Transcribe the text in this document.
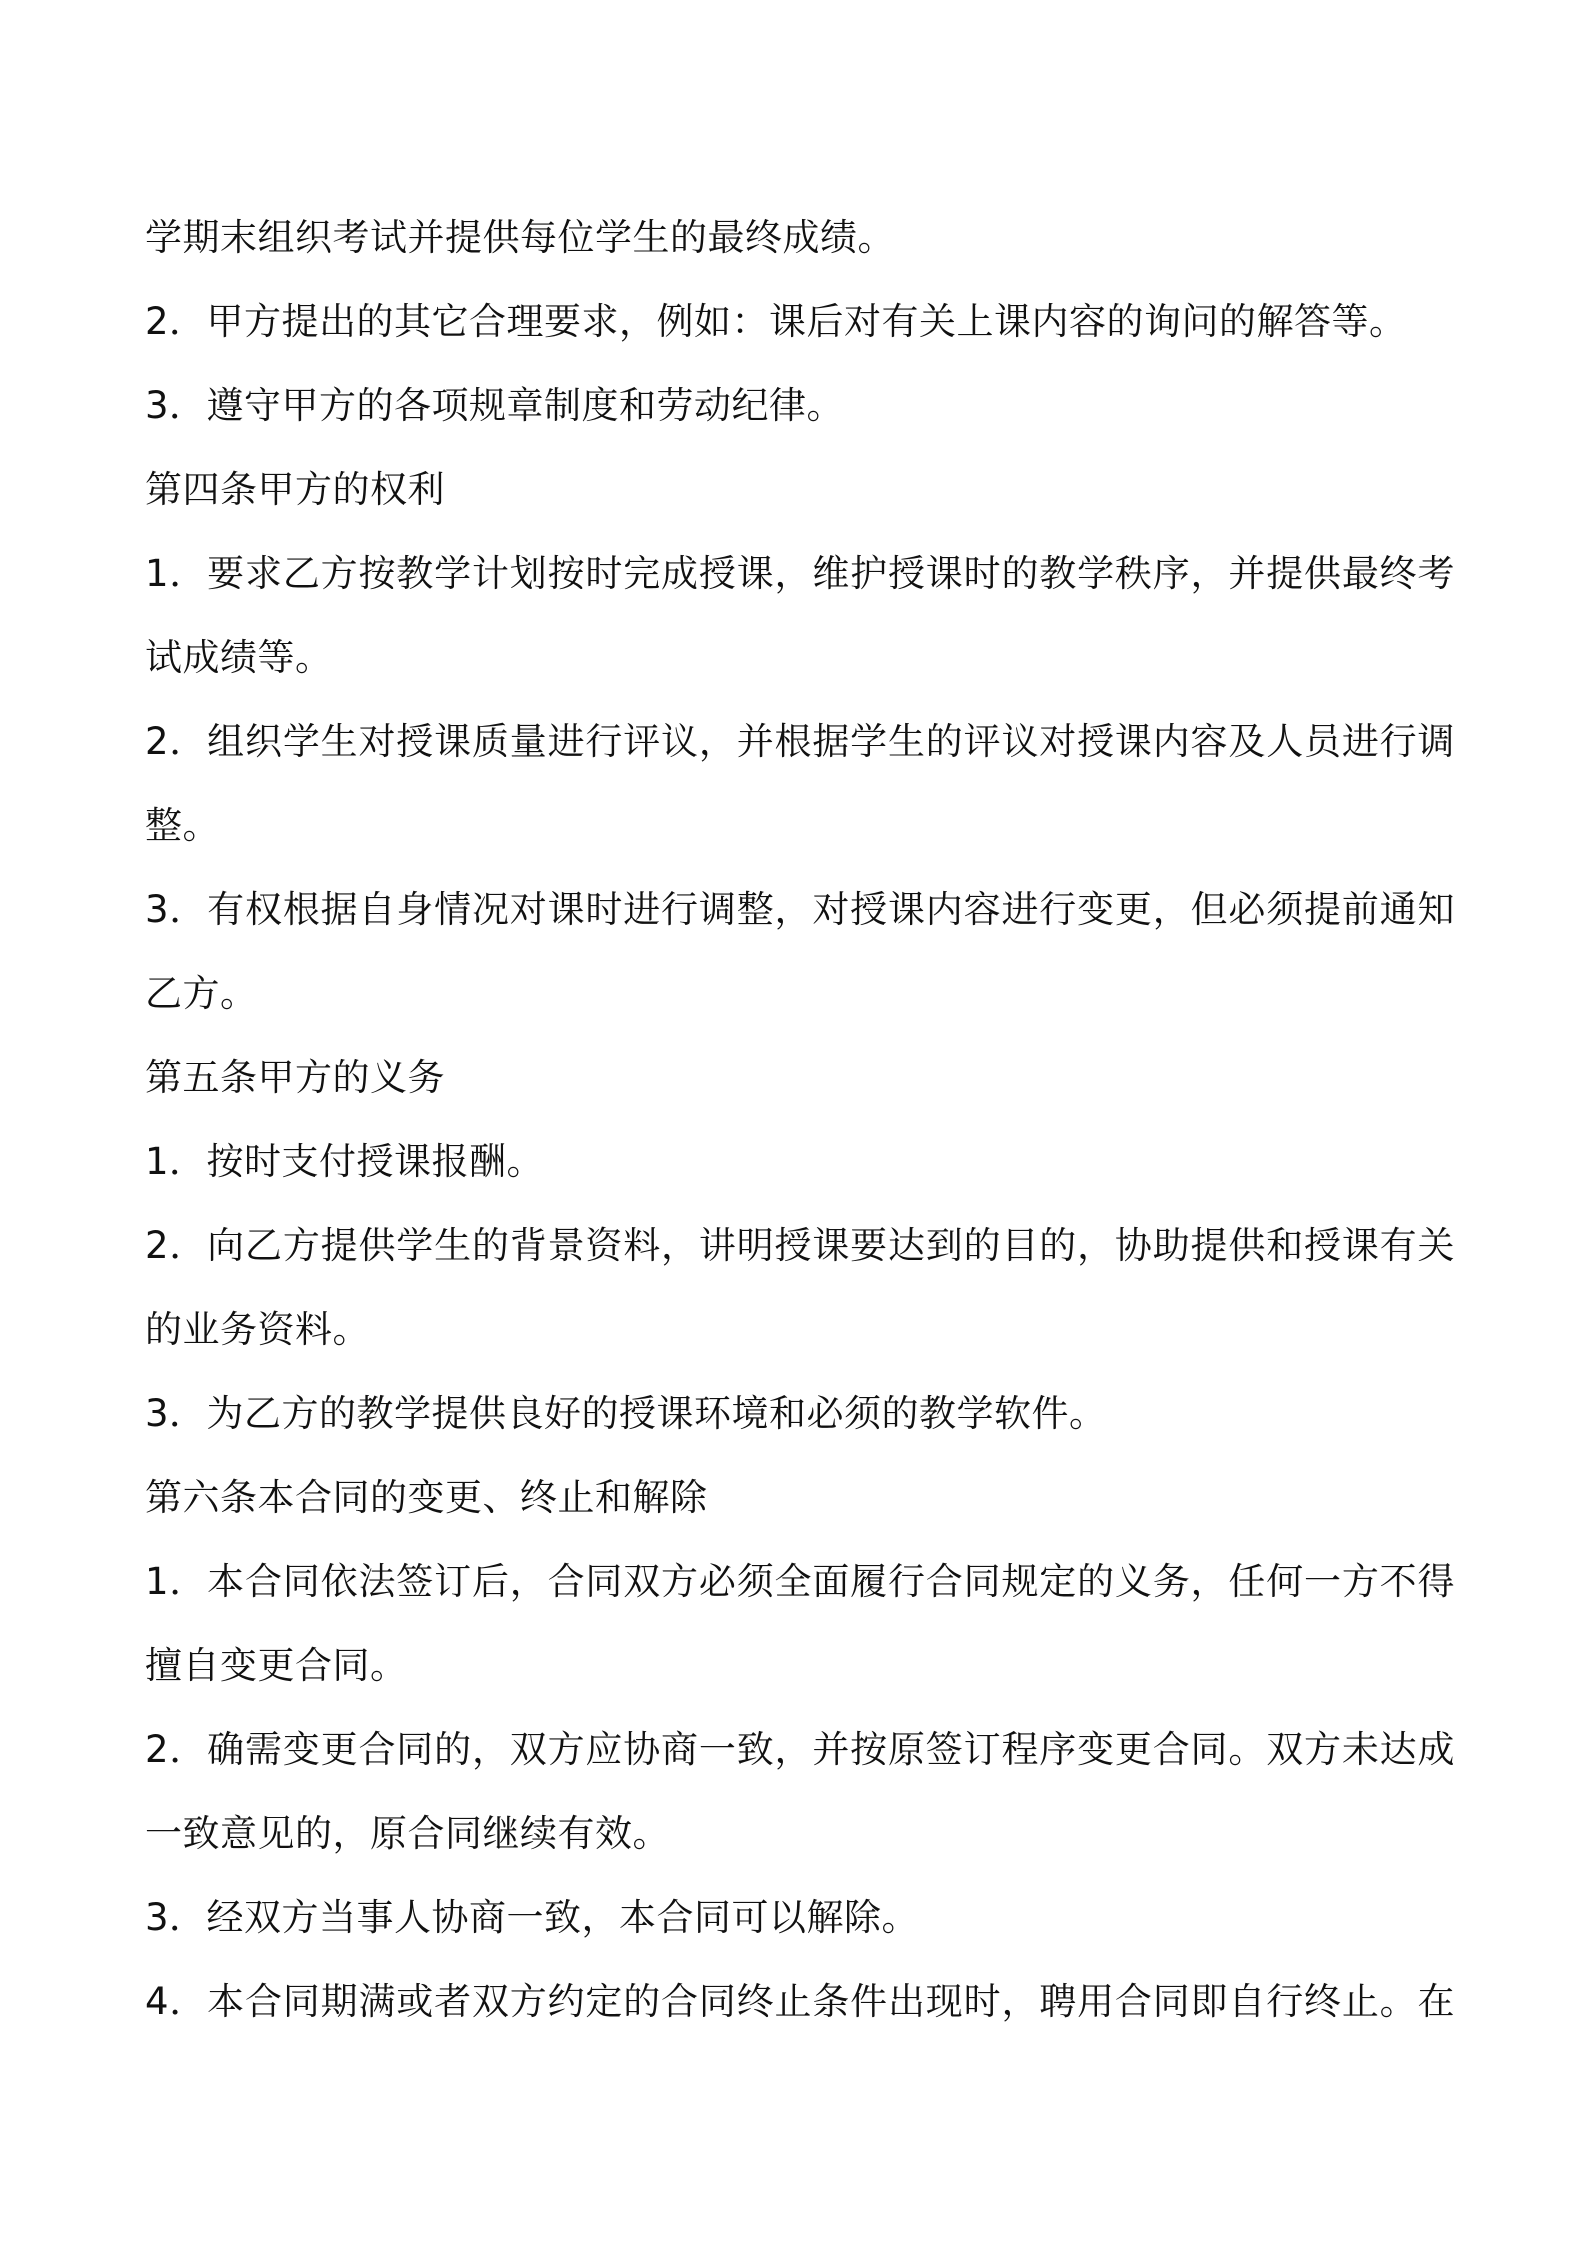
学期末组织考试并提供每位学生的最终成绩。

2．甲方提出的其它合理要求，例如：课后对有关上课内容的询问的解答等。

3．遵守甲方的各项规章制度和劳动纪律。

第四条甲方的权利

1．要求乙方按教学计划按时完成授课，维护授课时的教学秩序，并提供最终考

试成绩等。

2．组织学生对授课质量进行评议，并根据学生的评议对授课内容及人员进行调

整。

3．有权根据自身情况对课时进行调整，对授课内容进行变更，但必须提前通知

乙方。

第五条甲方的义务

1．按时支付授课报酬。

2．向乙方提供学生的背景资料，讲明授课要达到的目的，协助提供和授课有关

的业务资料。

3．为乙方的教学提供良好的授课环境和必须的教学软件。

第六条本合同的变更、终止和解除

1．本合同依法签订后，合同双方必须全面履行合同规定的义务，任何一方不得

擅自变更合同。

2．确需变更合同的，双方应协商一致，并按原签订程序变更合同。双方未达成

一致意见的，原合同继续有效。

3．经双方当事人协商一致，本合同可以解除。

4．本合同期满或者双方约定的合同终止条件出现时，聘用合同即自行终止。在
